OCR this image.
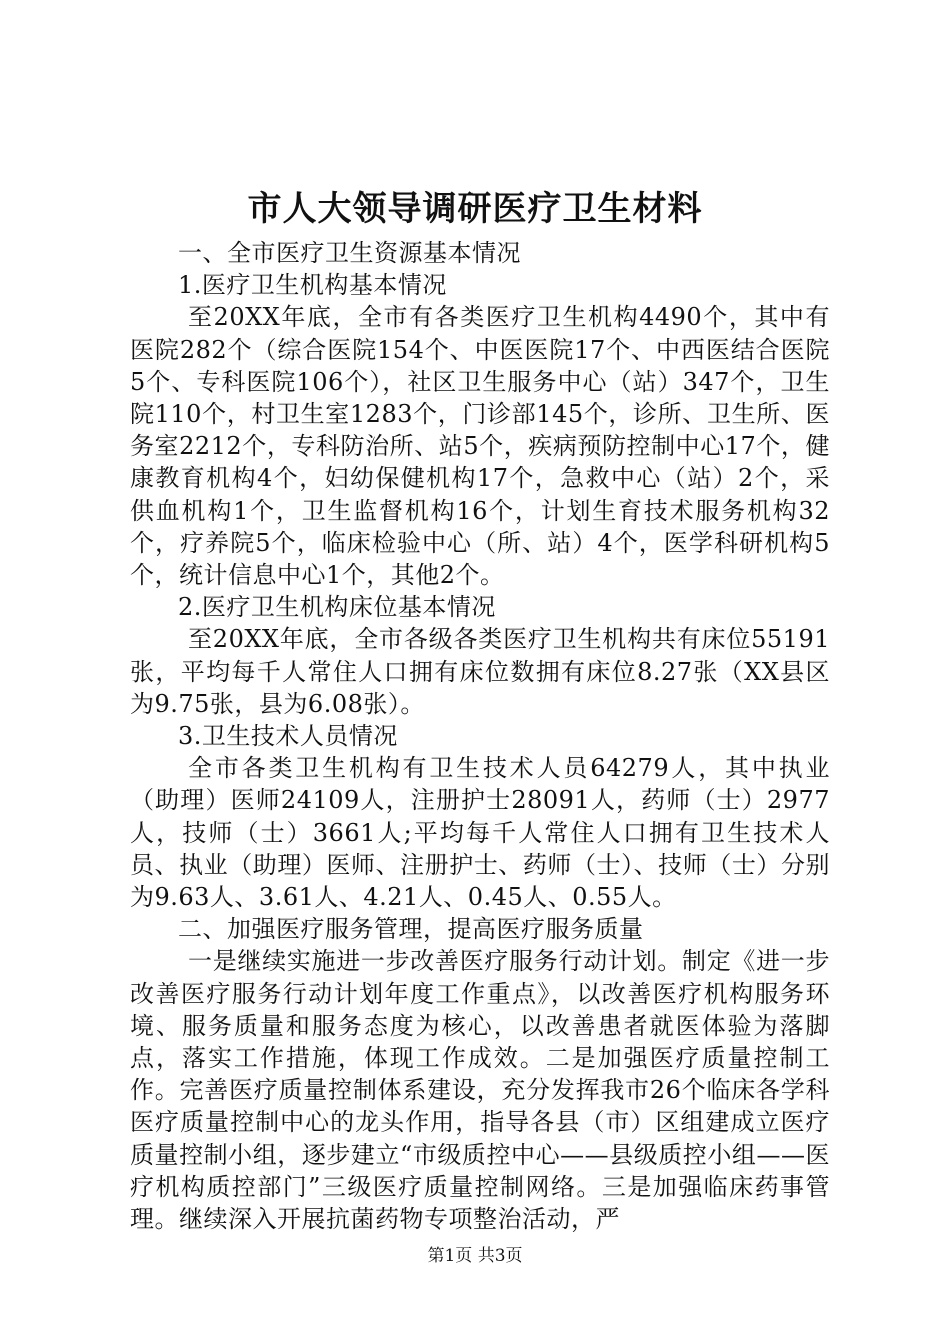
市人大领导调研医疗卫生材料

一、全市医疗卫生资源基本情况

1.医疗卫生机构基本情况

至20XX年底，全市有各类医疗卫生机构4490个，其中有医院282个（综合医院154个、中医医院17个、中西医结合医院5个、专科医院106个），社区卫生服务中心（站）347个，卫生院110个，村卫生室1283个，门诊部145个，诊所、卫生所、医务室2212个，专科防治所、站5个，疾病预防控制中心17个，健康教育机构4个，妇幼保健机构17个，急救中心（站）2个，采供血机构1个，卫生监督机构16个，计划生育技术服务机构32个，疗养院5个，临床检验中心（所、站）4个，医学科研机构5个，统计信息中心1个，其他2个。

2.医疗卫生机构床位基本情况

至20XX年底，全市各级各类医疗卫生机构共有床位55191张，平均每千人常住人口拥有床位数拥有床位8.27张（XX县区为9.75张，县为6.08张）。

3.卫生技术人员情况

全市各类卫生机构有卫生技术人员64279人，其中执业（助理）医师24109人，注册护士28091人，药师（士）2977人，技师（士）3661人;平均每千人常住人口拥有卫生技术人员、执业（助理）医师、注册护士、药师（士）、技师（士）分别为9.63人、3.61人、4.21人、0.45人、0.55人。

二、加强医疗服务管理，提高医疗服务质量

一是继续实施进一步改善医疗服务行动计划。制定《进一步改善医疗服务行动计划年度工作重点》，以改善医疗机构服务环境、服务质量和服务态度为核心，以改善患者就医体验为落脚点，落实工作措施，体现工作成效。二是加强医疗质量控制工作。完善医疗质量控制体系建设，充分发挥我市26个临床各学科医疗质量控制中心的龙头作用，指导各县（市）区组建成立医疗质量控制小组，逐步建立“市级质控中心——县级质控小组——医疗机构质控部门”三级医疗质量控制网络。三是加强临床药事管理。继续深入开展抗菌药物专项整治活动，严

第1页 共3页
